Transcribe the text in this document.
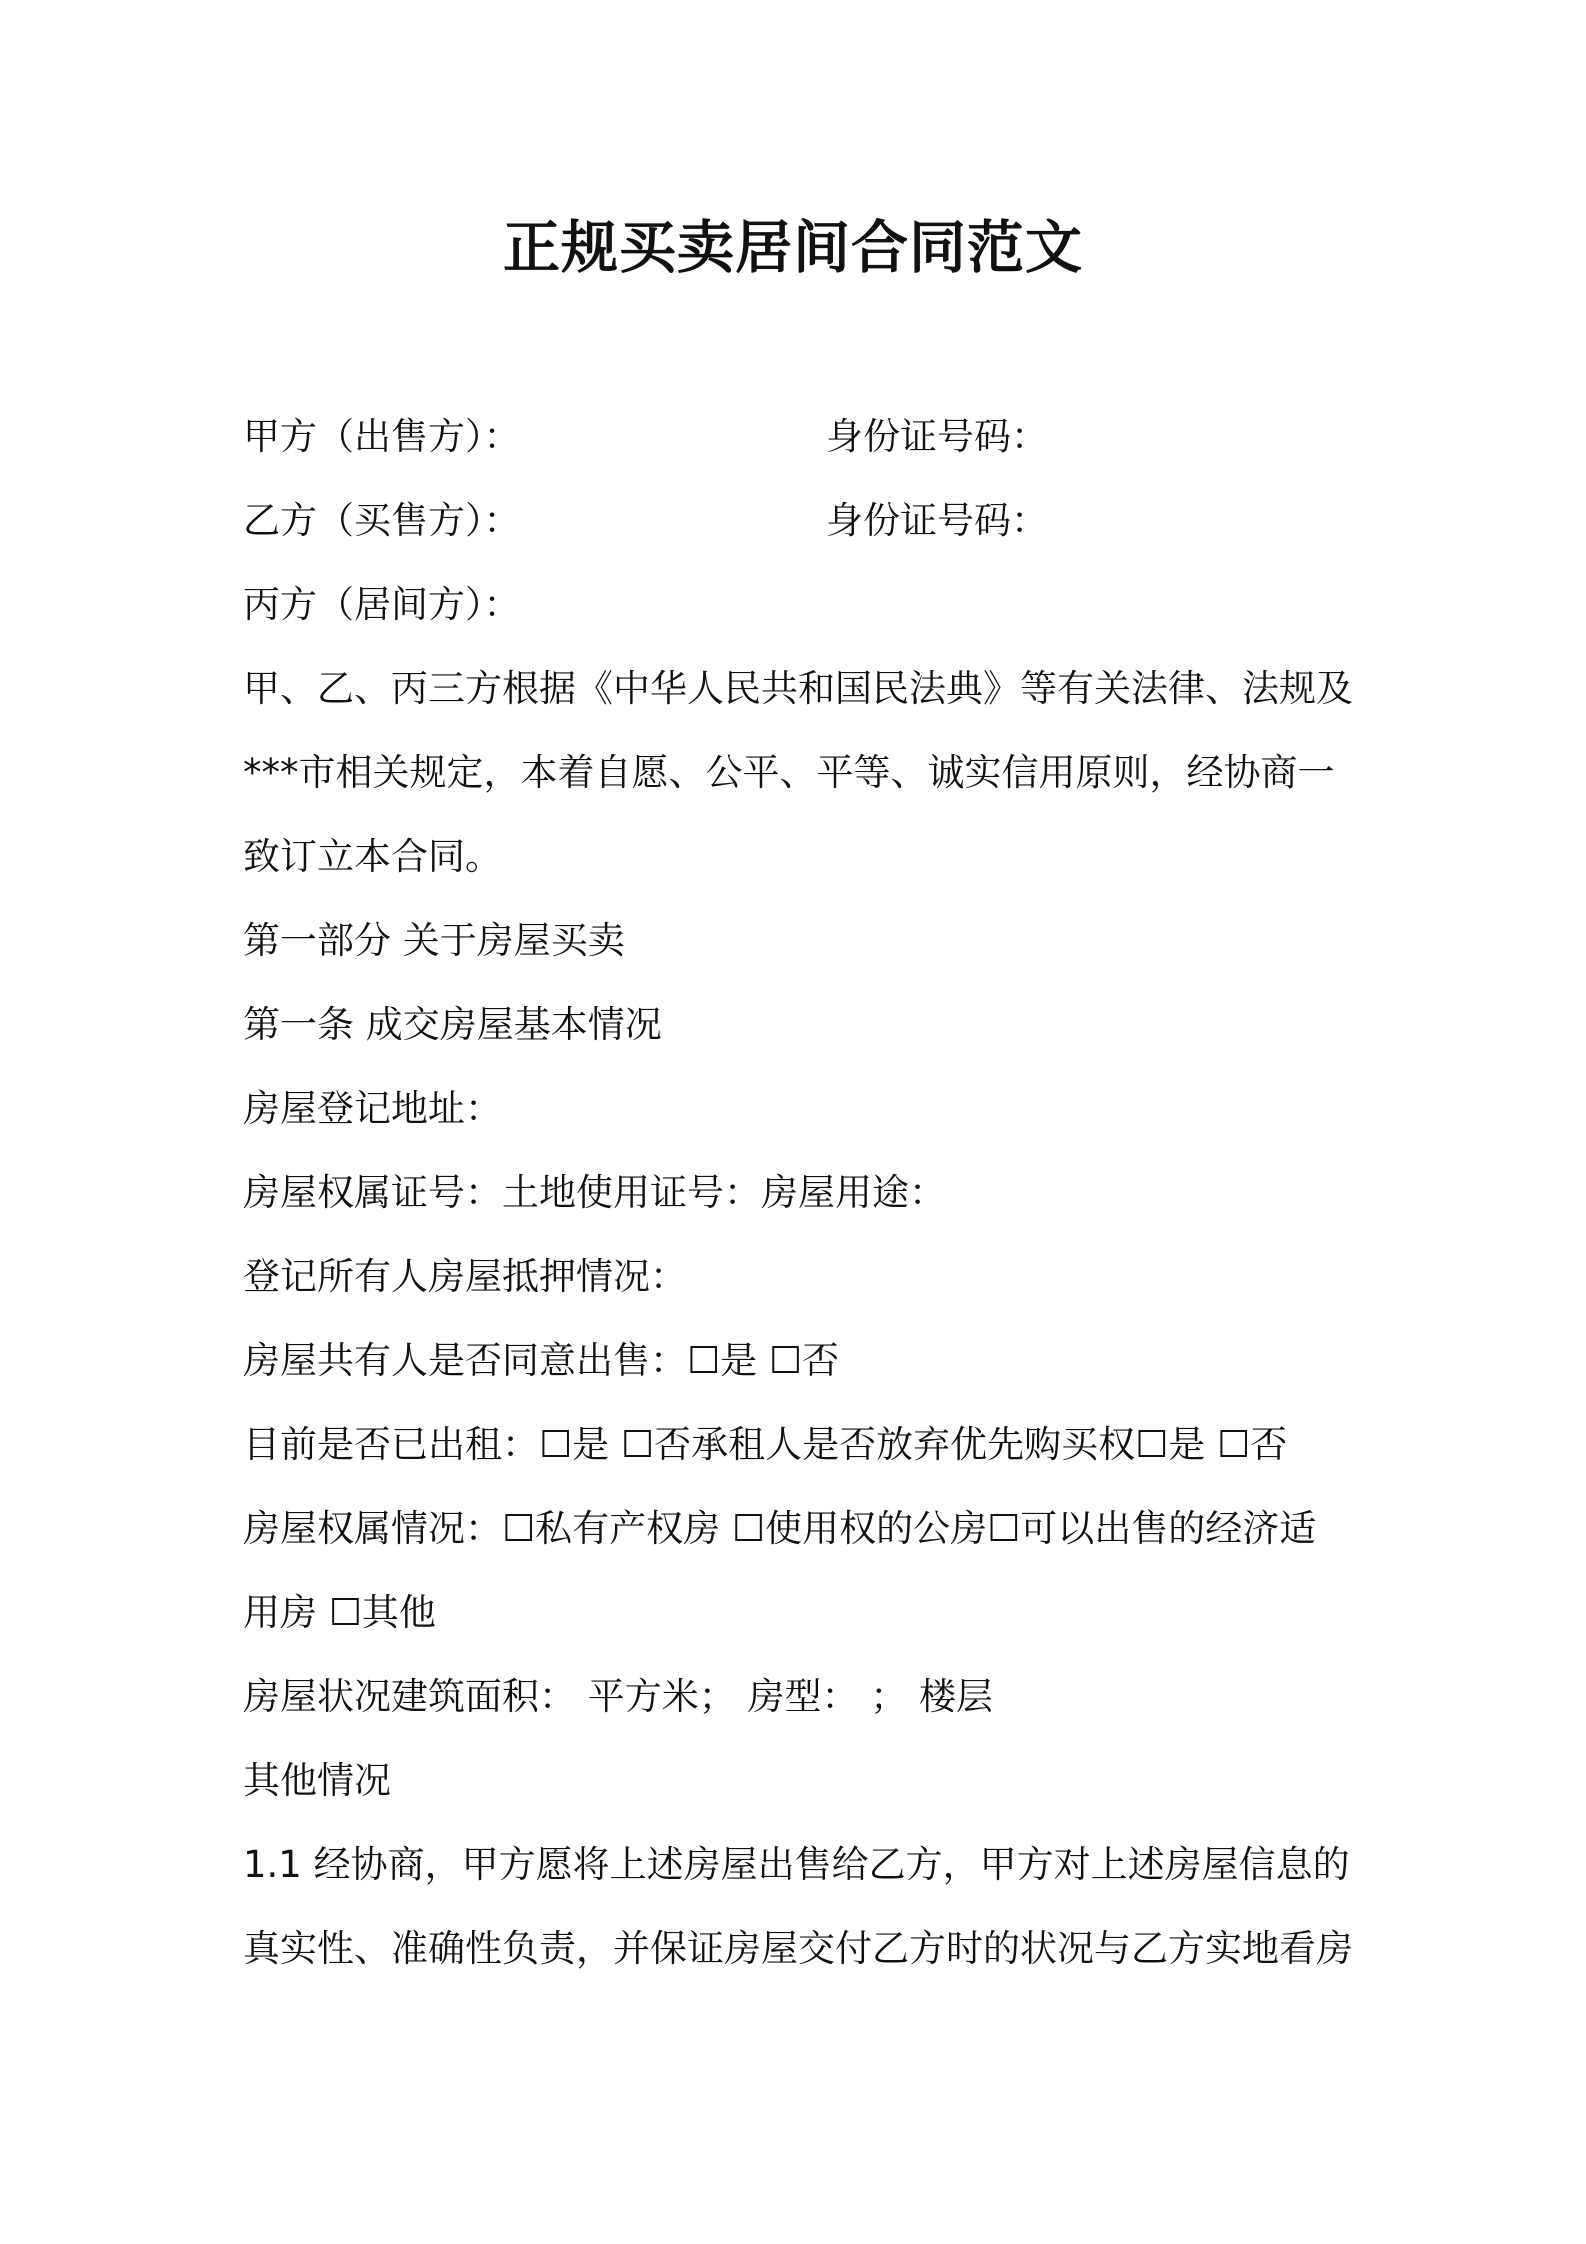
正规买卖居间合同范文
甲方（出售方）：	身份证号码：
乙方（买售方）：	身份证号码：
丙方（居间方）：
甲、乙、丙三方根据《中华人民共和国民法典》等有关法律、法规及
***市相关规定，本着自愿、公平、平等、诚实信用原则，经协商一
致订立本合同。
第一部分 关于房屋买卖
第一条 成交房屋基本情况
房屋登记地址：
房屋权属证号：土地使用证号：房屋用途：
登记所有人房屋抵押情况：
房屋共有人是否同意出售：☐是 ☐否
目前是否已出租：☐是 ☐否承租人是否放弃优先购买权☐是 ☐否
房屋权属情况：☐私有产权房 ☐使用权的公房☐可以出售的经济适
用房 ☐其他
房屋状况建筑面积： 平方米； 房型： ； 楼层
其他情况
1.1 经协商，甲方愿将上述房屋出售给乙方，甲方对上述房屋信息的
真实性、准确性负责，并保证房屋交付乙方时的状况与乙方实地看房
